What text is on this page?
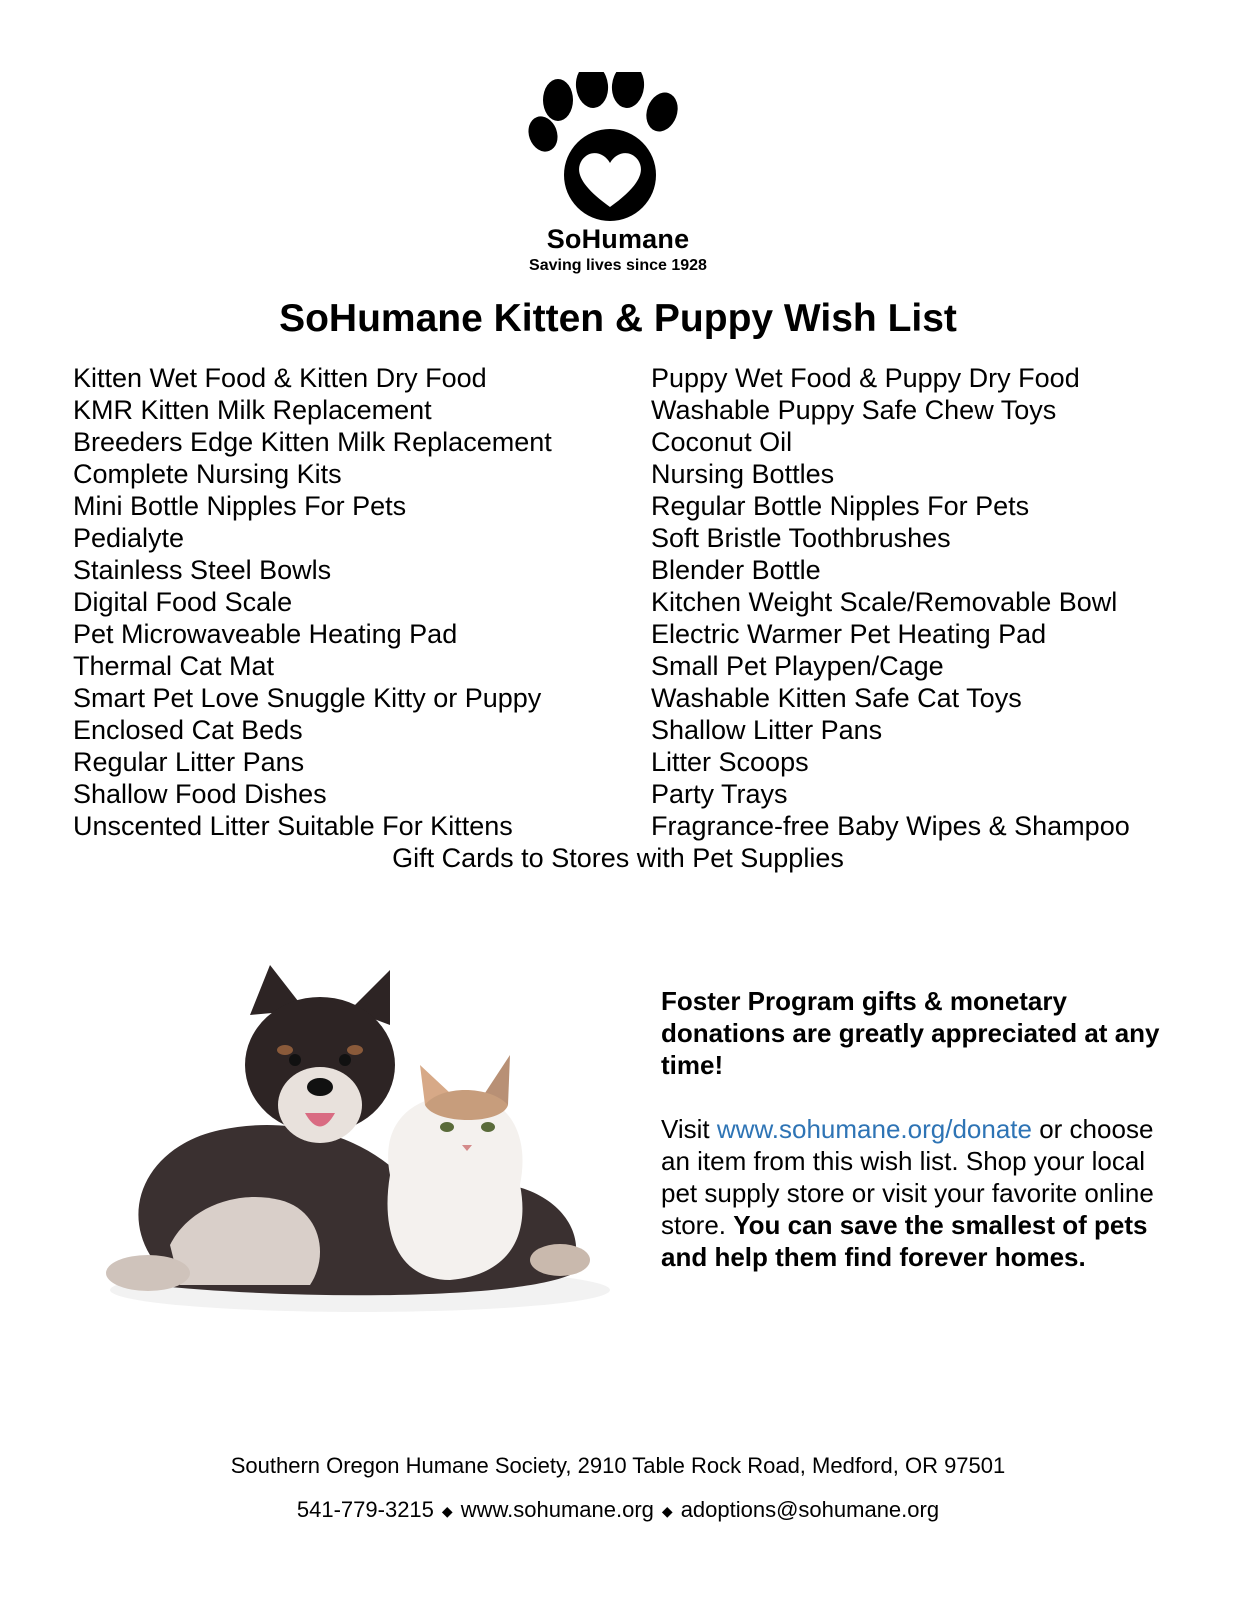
SoHumane
Saving lives since 1928
SoHumane Kitten & Puppy Wish List
Kitten Wet Food & Kitten Dry Food
KMR Kitten Milk Replacement
Breeders Edge Kitten Milk Replacement
Complete Nursing Kits
Mini Bottle Nipples For Pets
Pedialyte
Stainless Steel Bowls
Digital Food Scale
Pet Microwaveable Heating Pad
Thermal Cat Mat
Smart Pet Love Snuggle Kitty or Puppy
Enclosed Cat Beds
Regular Litter Pans
Shallow Food Dishes
Unscented Litter Suitable For Kittens
Puppy Wet Food & Puppy Dry Food
Washable Puppy Safe Chew Toys
Coconut Oil
Nursing Bottles
Regular Bottle Nipples For Pets
Soft Bristle Toothbrushes
Blender Bottle
Kitchen Weight Scale/Removable Bowl
Electric Warmer Pet Heating Pad
Small Pet Playpen/Cage
Washable Kitten Safe Cat Toys
Shallow Litter Pans
Litter Scoops
Party Trays
Fragrance-free Baby Wipes & Shampoo
Gift Cards to Stores with Pet Supplies
Foster Program gifts & monetary donations are greatly appreciated at any time!
Visit www.sohumane.org/donate or choose an item from this wish list. Shop your local pet supply store or visit your favorite online store. You can save the smallest of pets and help them find forever homes.
Southern Oregon Humane Society, 2910 Table Rock Road, Medford, OR 97501
541-779-3215 ◆ www.sohumane.org ◆ adoptions@sohumane.org
